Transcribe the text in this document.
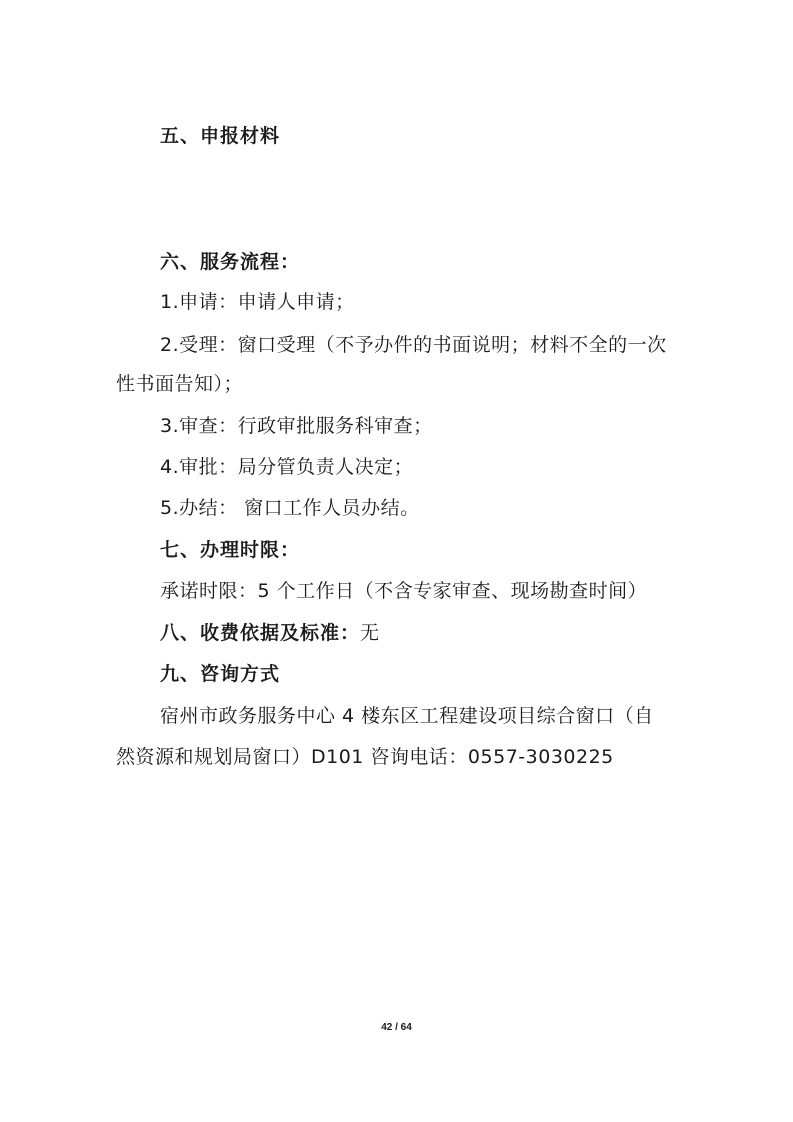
五、申报材料
六、服务流程：
1.申请：申请人申请；
2.受理：窗口受理（不予办件的书面说明；材料不全的一次
性书面告知）；
3.审查：行政审批服务科审查；
4.审批：局分管负责人决定；
5.办结： 窗口工作人员办结。
七、办理时限：
承诺时限：5 个工作日（不含专家审查、现场勘查时间）
八、收费依据及标准：无
九、咨询方式
宿州市政务服务中心 4 楼东区工程建设项目综合窗口（自
然资源和规划局窗口）D101 咨询电话：0557-3030225
42 / 64
